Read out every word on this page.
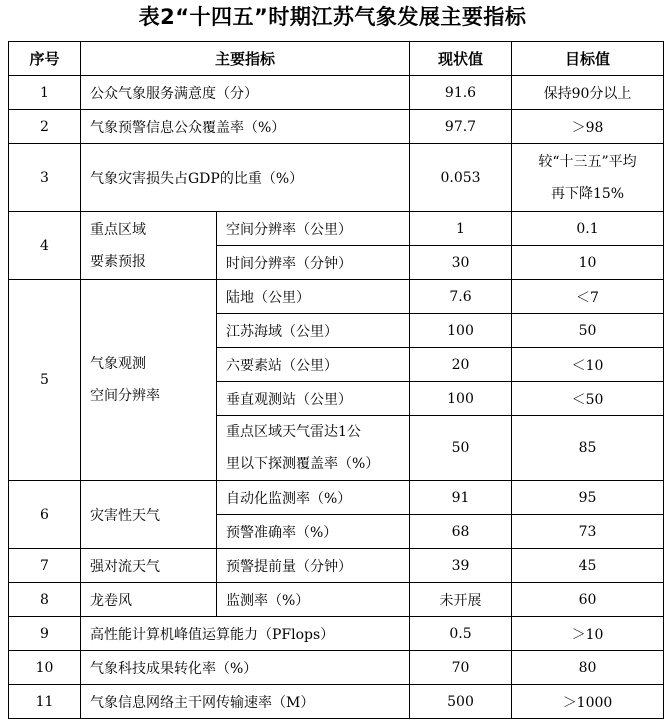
表2“十四五”时期江苏气象发展主要指标
序号	主要指标		现状值	目标值
1	公众气象服务满意度（分）		91.6	保持90分以上
2	气象预警信息公众覆盖率（%）		97.7	＞98
3	气象灾害损失占GDP的比重（%）		0.053	较“十三五”平均
再下降15%

4	重点区域
要素预报	空间分辨率（公里）	1	0.1
		时间分辨率（分钟）	30	10
5	气象观测
空间分辨率	陆地（公里）	7.6	＜7
		江苏海域（公里）	100	50
		六要素站（公里）	20	＜10
		垂直观测站（公里）	100	＜50

		重点区域天气雷达1公
里以下探测覆盖率（%）	50	85
6	灾害性天气	自动化监测率（%）	91	95
		预警准确率（%）	68	73
7	强对流天气	预警提前量（分钟）	39	45
8	龙卷风	监测率（%）	未开展	60
9	高性能计算机峰值运算能力（PFlops）		0.5	＞10
10	气象科技成果转化率（%）		70	80
11	气象信息网络主干网传输速率（M）		500	＞1000
